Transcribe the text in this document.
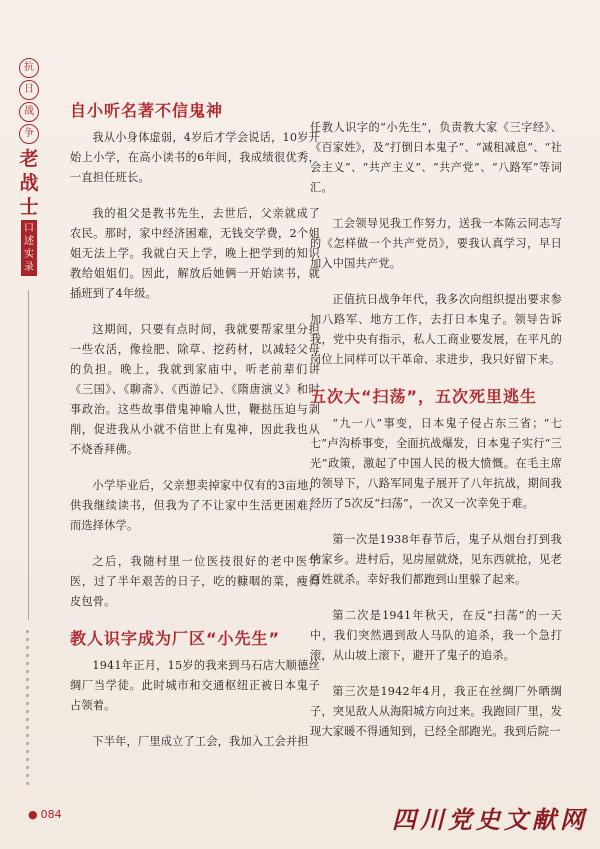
抗
日
战
争
老
战
士
口
述
实
录
自小听名著不信鬼神

我从小身体虚弱，4岁后才学会说话，10岁开始上小学，在高小读书的6年间，我成绩很优秀，一直担任班长。

我的祖父是教书先生，去世后，父亲就成了农民。那时，家中经济困难，无钱交学费，2个姐姐无法上学。我就白天上学，晚上把学到的知识教给姐姐们。因此，解放后她俩一开始读书，就插班到了4年级。

这期间，只要有点时间，我就要帮家里分担一些农活，像捡肥、除草、挖药材，以减轻父母的负担。晚上，我就到家庙中，听老前辈们讲《三国》、《聊斋》、《西游记》、《隋唐演义》和时事政治。这些故事借鬼神喻人世，鞭挞压迫与剥削，促进我从小就不信世上有鬼神，因此我也从不烧香拜佛。

小学毕业后，父亲想卖掉家中仅有的3亩地，供我继续读书，但我为了不让家中生活更困难，而选择休学。

之后，我随村里一位医技很好的老中医学医，过了半年艰苦的日子，吃的糠咽的菜，瘦得皮包骨。

教人识字成为厂区“小先生”

1941年正月，15岁的我来到马石店大顺德丝绸厂当学徒。此时城市和交通枢纽正被日本鬼子占领着。

下半年，厂里成立了工会，我加入工会并担

任教人识字的“小先生”，负责教大家《三字经》、《百家姓》，及“打倒日本鬼子”、“减租减息”、“社会主义”、“共产主义”、“共产党”、“八路军”等词汇。

工会领导见我工作努力，送我一本陈云同志写的《怎样做一个共产党员》，要我认真学习，早日加入中国共产党。

正值抗日战争年代，我多次向组织提出要求参加八路军、地方工作，去打日本鬼子。领导告诉我，党中央有指示，私人工商业要发展，在平凡的岗位上同样可以干革命、求进步，我只好留下来。

五次大“扫荡”，五次死里逃生

“九一八”事变，日本鬼子侵占东三省；“七七”卢沟桥事变，全面抗战爆发，日本鬼子实行“三光”政策，激起了中国人民的极大愤慨。在毛主席的领导下，八路军同鬼子展开了八年抗战，期间我经历了5次反“扫荡”，一次又一次幸免于难。

第一次是1938年春节后，鬼子从烟台打到我的家乡。进村后，见房屋就烧，见东西就抢，见老百姓就杀。幸好我们都跑到山里躲了起来。

第二次是1941年秋天，在反“扫荡”的一天中，我们突然遇到敌人马队的追杀，我一个急打滚，从山坡上滚下，避开了鬼子的追杀。

第三次是1942年4月，我正在丝绸厂外晒绸子，突见敌人从海阳城方向过来。我跑回厂里，发现大家暖不得通知到，已经全部跑光。我到后院一

● 084	四川党史文献网
